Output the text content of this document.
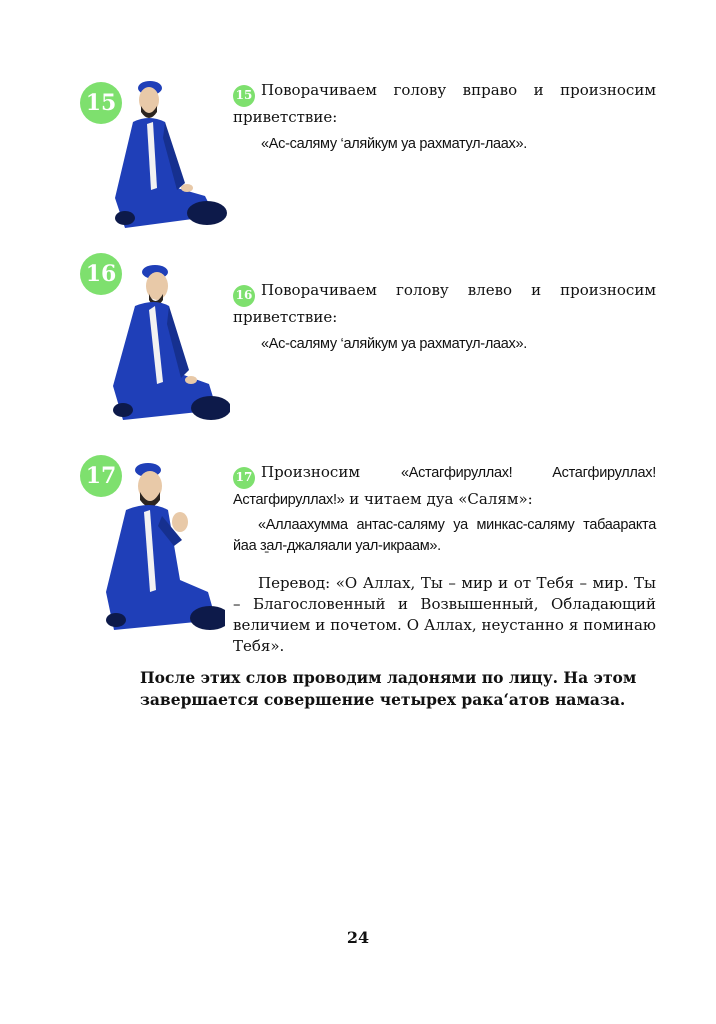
15	15 Поворачиваем голову вправо и произносим приветствие:

«Ас-саляму ‘аляйкум уа рахматул-лаах».

16

16 Поворачиваем голову влево и произносим приветствие:

«Ас-саляму ‘аляйкум уа рахматул-лаах».

17	17 Произносим	«Астагфируллах! Астагфируллах! Астагфируллах!» и читаем дуа «Салям»:

«Аллаахумма антас-саляму уа минкас-саляму табааракта йаа з̱ал-джаляали уал-икраам».

Перевод: «О Аллах, Ты – мир и от Тебя – мир. Ты – Благословенный и Возвышенный, Обладающий величием и почетом. О Аллах, неустанно я поминаю Тебя».

После этих слов проводим ладонями по лицу. На этом завершается совершение четырех рака‘атов намаза.
24
